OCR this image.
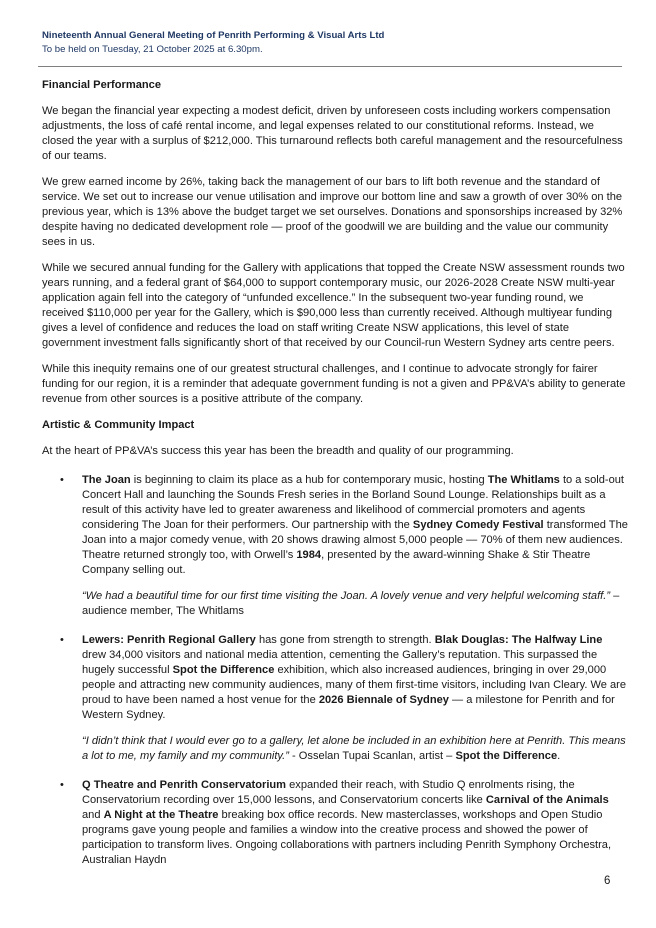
Nineteenth Annual General Meeting of Penrith Performing & Visual Arts Ltd
To be held on Tuesday, 21 October 2025 at 6.30pm.

Financial Performance

We began the financial year expecting a modest deficit, driven by unforeseen costs including workers compensation adjustments, the loss of café rental income, and legal expenses related to our constitutional reforms. Instead, we closed the year with a surplus of $212,000. This turnaround reflects both careful management and the resourcefulness of our teams.

We grew earned income by 26%, taking back the management of our bars to lift both revenue and the standard of service. We set out to increase our venue utilisation and improve our bottom line and saw a growth of over 30% on the previous year, which is 13% above the budget target we set ourselves. Donations and sponsorships increased by 32% despite having no dedicated development role — proof of the goodwill we are building and the value our community sees in us.

While we secured annual funding for the Gallery with applications that topped the Create NSW assessment rounds two years running, and a federal grant of $64,000 to support contemporary music, our 2026-2028 Create NSW multi-year application again fell into the category of “unfunded excellence.” In the subsequent two-year funding round, we received $110,000 per year for the Gallery, which is $90,000 less than currently received. Although multiyear funding gives a level of confidence and reduces the load on staff writing Create NSW applications, this level of state government investment falls significantly short of that received by our Council-run Western Sydney arts centre peers.

While this inequity remains one of our greatest structural challenges, and I continue to advocate strongly for fairer funding for our region, it is a reminder that adequate government funding is not a given and PP&VA’s ability to generate revenue from other sources is a positive attribute of the company.

Artistic & Community Impact

At the heart of PP&VA’s success this year has been the breadth and quality of our programming.

• The Joan is beginning to claim its place as a hub for contemporary music, hosting The Whitlams to a sold-out Concert Hall and launching the Sounds Fresh series in the Borland Sound Lounge. Relationships built as a result of this activity have led to greater awareness and likelihood of commercial promoters and agents considering The Joan for their performers. Our partnership with the Sydney Comedy Festival transformed The Joan into a major comedy venue, with 20 shows drawing almost 5,000 people — 70% of them new audiences. Theatre returned strongly too, with Orwell’s 1984, presented by the award-winning Shake & Stir Theatre Company selling out.

“We had a beautiful time for our first time visiting the Joan. A lovely venue and very helpful welcoming staff.” – audience member, The Whitlams

• Lewers: Penrith Regional Gallery has gone from strength to strength. Blak Douglas: The Halfway Line drew 34,000 visitors and national media attention, cementing the Gallery’s reputation. This surpassed the hugely successful Spot the Difference exhibition, which also increased audiences, bringing in over 29,000 people and attracting new community audiences, many of them first-time visitors, including Ivan Cleary. We are proud to have been named a host venue for the 2026 Biennale of Sydney — a milestone for Penrith and for Western Sydney.

“I didn’t think that I would ever go to a gallery, let alone be included in an exhibition here at Penrith. This means a lot to me, my family and my community.” - Osselan Tupai Scanlan, artist – Spot the Difference.

• Q Theatre and Penrith Conservatorium expanded their reach, with Studio Q enrolments rising, the Conservatorium recording over 15,000 lessons, and Conservatorium concerts like Carnival of the Animals and A Night at the Theatre breaking box office records. New masterclasses, workshops and Open Studio programs gave young people and families a window into the creative process and showed the power of participation to transform lives. Ongoing collaborations with partners including Penrith Symphony Orchestra, Australian Haydn

6
